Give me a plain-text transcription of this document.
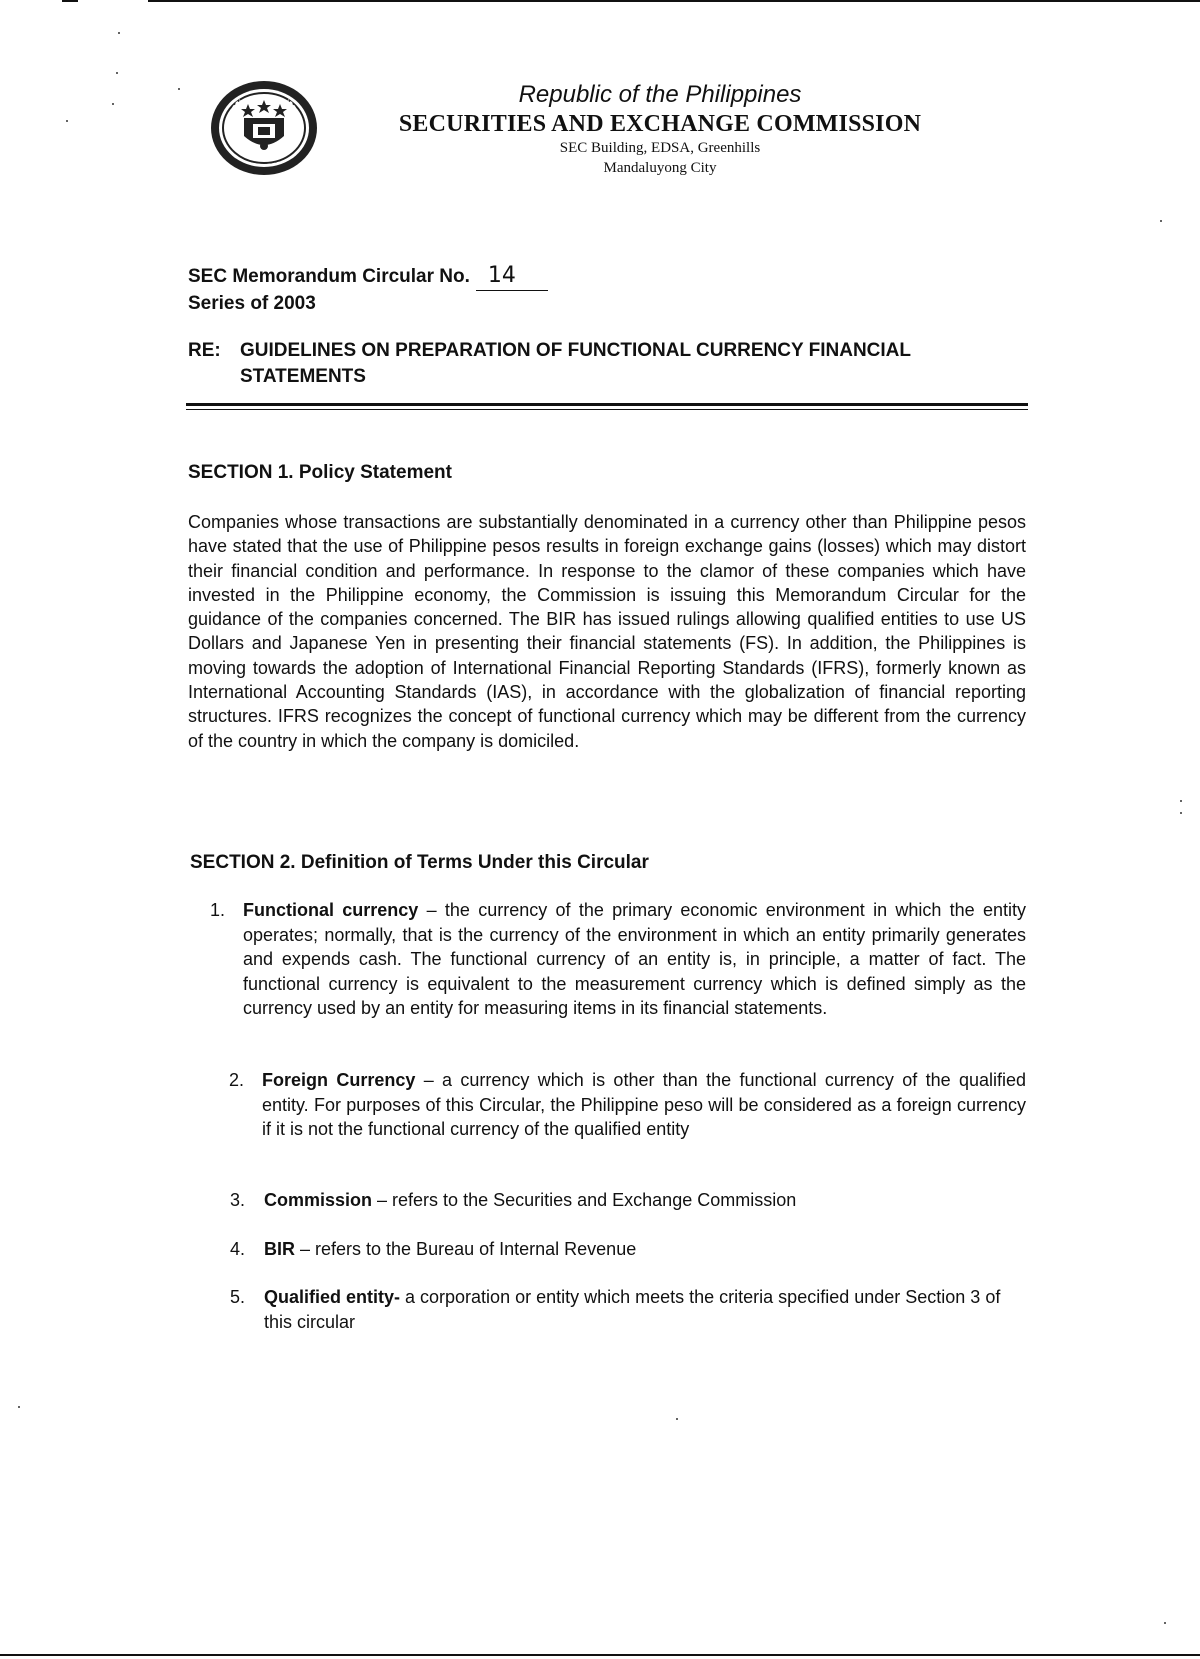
Republic of the Philippines
SECURITIES AND EXCHANGE COMMISSION
SEC Building, EDSA, Greenhills
Mandaluyong City
SEC Memorandum Circular No. 14
Series of 2003
RE: GUIDELINES ON PREPARATION OF FUNCTIONAL CURRENCY FINANCIAL STATEMENTS
SECTION 1. Policy Statement
Companies whose transactions are substantially denominated in a currency other than Philippine pesos have stated that the use of Philippine pesos results in foreign exchange gains (losses) which may distort their financial condition and performance. In response to the clamor of these companies which have invested in the Philippine economy, the Commission is issuing this Memorandum Circular for the guidance of the companies concerned. The BIR has issued rulings allowing qualified entities to use US Dollars and Japanese Yen in presenting their financial statements (FS). In addition, the Philippines is moving towards the adoption of International Financial Reporting Standards (IFRS), formerly known as International Accounting Standards (IAS), in accordance with the globalization of financial reporting structures. IFRS recognizes the concept of functional currency which may be different from the currency of the country in which the company is domiciled.
SECTION 2. Definition of Terms Under this Circular
1. Functional currency – the currency of the primary economic environment in which the entity operates; normally, that is the currency of the environment in which an entity primarily generates and expends cash. The functional currency of an entity is, in principle, a matter of fact. The functional currency is equivalent to the measurement currency which is defined simply as the currency used by an entity for measuring items in its financial statements.
2. Foreign Currency – a currency which is other than the functional currency of the qualified entity. For purposes of this Circular, the Philippine peso will be considered as a foreign currency if it is not the functional currency of the qualified entity
3. Commission – refers to the Securities and Exchange Commission
4. BIR – refers to the Bureau of Internal Revenue
5. Qualified entity- a corporation or entity which meets the criteria specified under Section 3 of this circular
